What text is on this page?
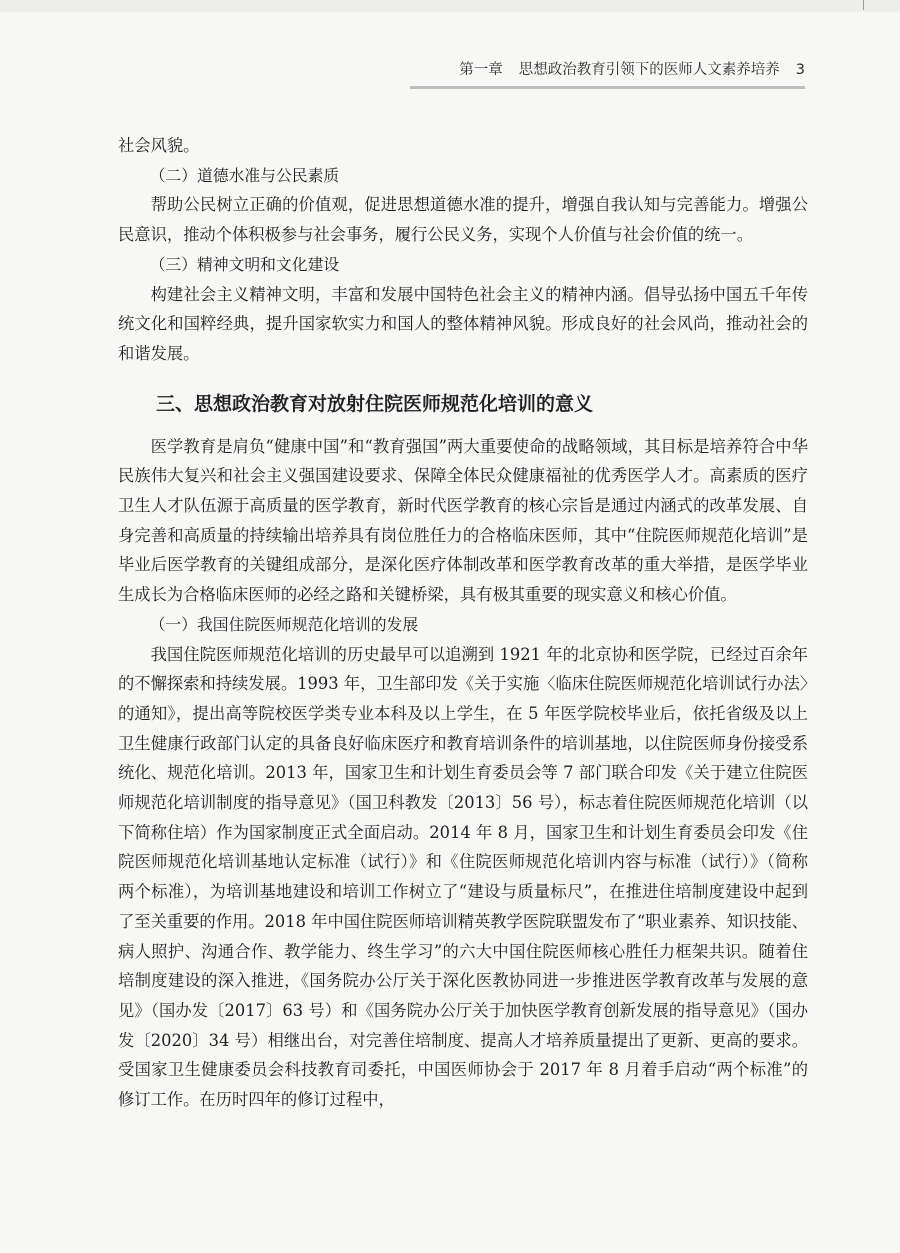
第一章 思想政治教育引领下的医师人文素养培养 3

社会风貌。

（二）道德水准与公民素质

帮助公民树立正确的价值观，促进思想道德水准的提升，增强自我认知与完善能力。增强公民意识，推动个体积极参与社会事务，履行公民义务，实现个人价值与社会价值的统一。

（三）精神文明和文化建设

构建社会主义精神文明，丰富和发展中国特色社会主义的精神内涵。倡导弘扬中国五千年传统文化和国粹经典，提升国家软实力和国人的整体精神风貌。形成良好的社会风尚，推动社会的和谐发展。

三、思想政治教育对放射住院医师规范化培训的意义

医学教育是肩负“健康中国”和“教育强国”两大重要使命的战略领域，其目标是培养符合中华民族伟大复兴和社会主义强国建设要求、保障全体民众健康福祉的优秀医学人才。高素质的医疗卫生人才队伍源于高质量的医学教育，新时代医学教育的核心宗旨是通过内涵式的改革发展、自身完善和高质量的持续输出培养具有岗位胜任力的合格临床医师，其中“住院医师规范化培训”是毕业后医学教育的关键组成部分，是深化医疗体制改革和医学教育改革的重大举措，是医学毕业生成长为合格临床医师的必经之路和关键桥梁，具有极其重要的现实意义和核心价值。

（一）我国住院医师规范化培训的发展

我国住院医师规范化培训的历史最早可以追溯到 1921 年的北京协和医学院，已经过百余年的不懈探索和持续发展。1993 年，卫生部印发《关于实施〈临床住院医师规范化培训试行办法〉的通知》，提出高等院校医学类专业本科及以上学生，在 5 年医学院校毕业后，依托省级及以上卫生健康行政部门认定的具备良好临床医疗和教育培训条件的培训基地，以住院医师身份接受系统化、规范化培训。2013 年，国家卫生和计划生育委员会等 7 部门联合印发《关于建立住院医师规范化培训制度的指导意见》（国卫科教发〔2013〕56 号），标志着住院医师规范化培训（以下简称住培）作为国家制度正式全面启动。2014 年 8 月，国家卫生和计划生育委员会印发《住院医师规范化培训基地认定标准（试行）》和《住院医师规范化培训内容与标准（试行）》（简称两个标准），为培训基地建设和培训工作树立了“建设与质量标尺”，在推进住培制度建设中起到了至关重要的作用。2018 年中国住院医师培训精英教学医院联盟发布了“职业素养、知识技能、病人照护、沟通合作、教学能力、终生学习”的六大中国住院医师核心胜任力框架共识。随着住培制度建设的深入推进，《国务院办公厅关于深化医教协同进一步推进医学教育改革与发展的意见》（国办发〔2017〕63 号）和《国务院办公厅关于加快医学教育创新发展的指导意见》（国办发〔2020〕34 号）相继出台，对完善住培制度、提高人才培养质量提出了更新、更高的要求。受国家卫生健康委员会科技教育司委托，中国医师协会于 2017 年 8 月着手启动“两个标准”的修订工作。在历时四年的修订过程中，
